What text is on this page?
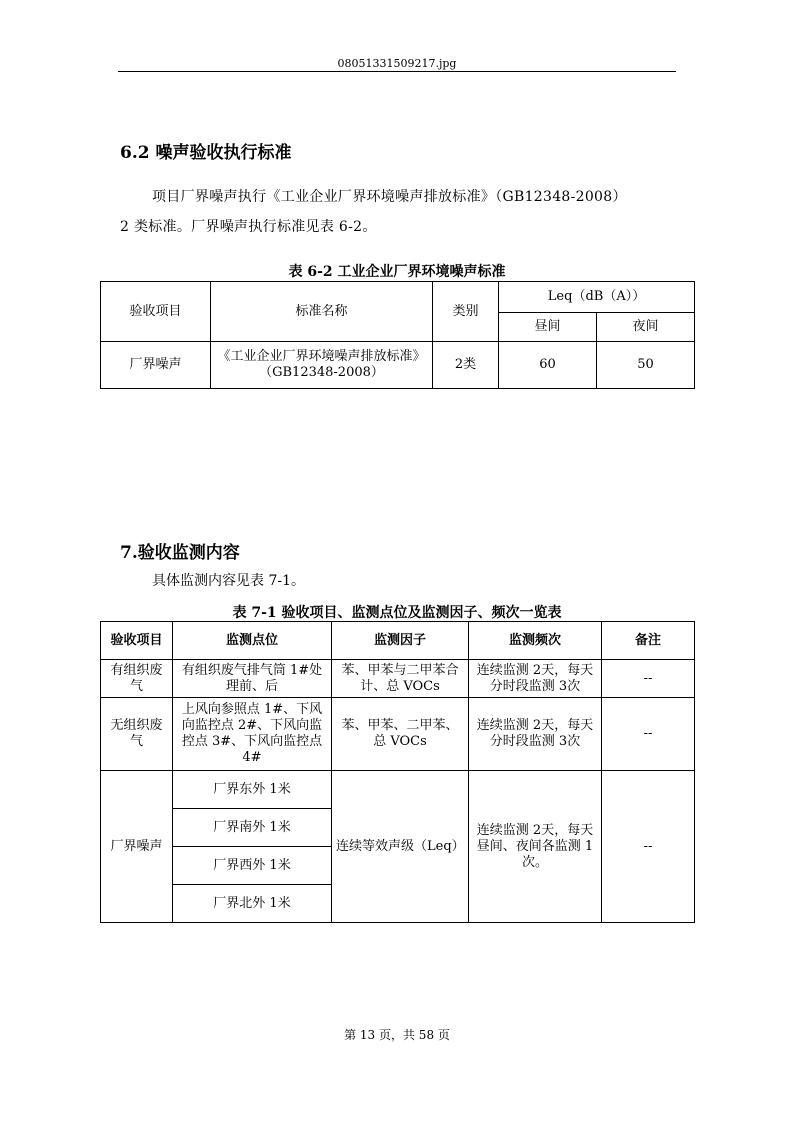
08051331509217.jpg
6.2 噪声验收执行标准
项目厂界噪声执行《工业企业厂界环境噪声排放标准》（GB12348-2008）
2 类标准。厂界噪声执行标准见表 6-2。
表 6-2 工业企业厂界环境噪声标准
验收项目	标准名称	类别	Leq（dB（A））	
			昼间	夜间
厂界噪声	《工业企业厂界环境噪声排放标准》（GB12348-2008）	2类	60	50
7.验收监测内容
具体监测内容见表 7-1。
表 7-1 验收项目、监测点位及监测因子、频次一览表
验收项目	监测点位	监测因子	监测频次	备注
有组织废气	有组织废气排气筒 1#处理前、后	苯、甲苯与二甲苯合计、总 VOCs	连续监测 2天，每天分时段监测 3次	--
无组织废气	上风向参照点 1#、下风向监控点 2#、下风向监控点 3#、下风向监控点 4#	苯、甲苯、二甲苯、总 VOCs	连续监测 2天，每天分时段监测 3次	--
厂界噪声	厂界东外 1米	连续等效声级（Leq）	连续监测 2天，每天昼间、夜间各监测 1次。	--
	厂界南外 1米			
	厂界西外 1米			
	厂界北外 1米			
第 13 页，共 58 页
